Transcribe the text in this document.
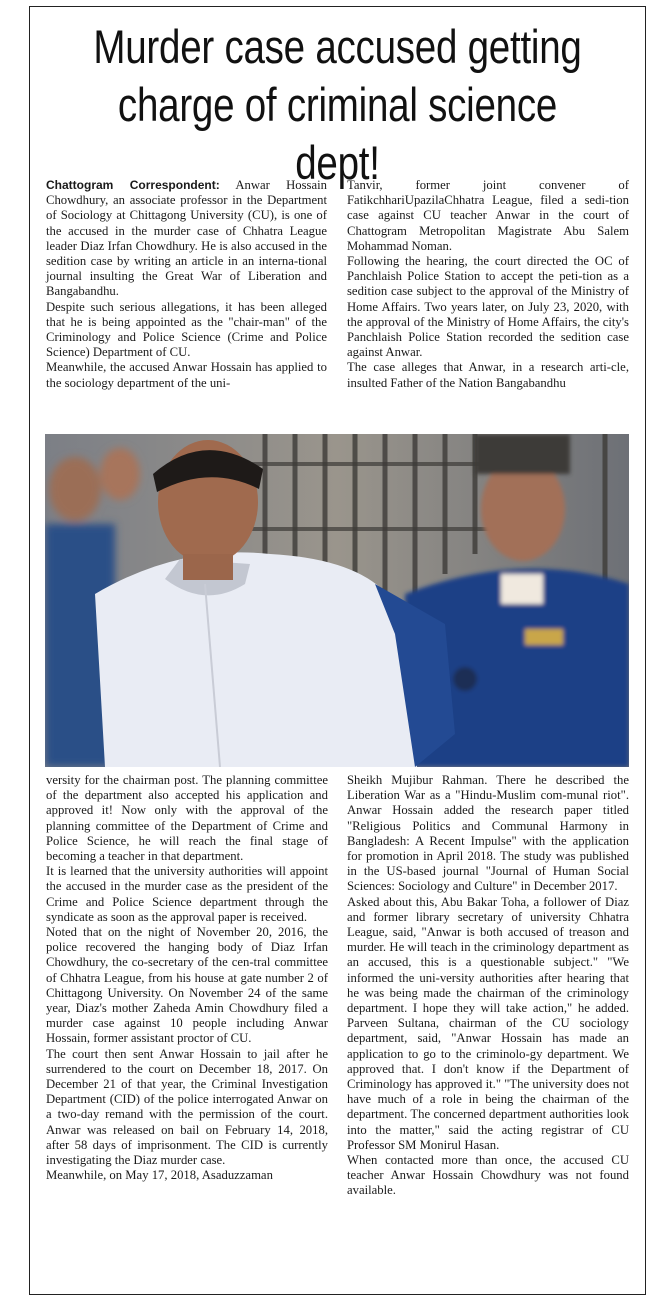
Murder case accused getting charge of criminal science dept!

Chattogram Correspondent: Anwar Hossain Chowdhury, an associate professor in the Department of Sociology at Chittagong University (CU), is one of the accused in the murder case of Chhatra League leader Diaz Irfan Chowdhury. He is also accused in the sedition case by writing an article in an interna-tional journal insulting the Great War of Liberation and Bangabandhu.

Despite such serious allegations, it has been alleged that he is being appointed as the "chair-man" of the Criminology and Police Science (Crime and Police Science) Department of CU.

Meanwhile, the accused Anwar Hossain has applied to the sociology department of the uni-

Tanvir, former joint convener of FatikchhariUpazilaChhatra League, filed a sedi-tion case against CU teacher Anwar in the court of Chattogram Metropolitan Magistrate Abu Salem Mohammad Noman.

Following the hearing, the court directed the OC of Panchlaish Police Station to accept the peti-tion as a sedition case subject to the approval of the Ministry of Home Affairs. Two years later, on July 23, 2020, with the approval of the Ministry of Home Affairs, the city's Panchlaish Police Station recorded the sedition case against Anwar.

The case alleges that Anwar, in a research arti-cle, insulted Father of the Nation Bangabandhu

versity for the chairman post. The planning committee of the department also accepted his application and approved it! Now only with the approval of the planning committee of the Department of Crime and Police Science, he will reach the final stage of becoming a teacher in that department.

It is learned that the university authorities will appoint the accused in the murder case as the president of the Crime and Police Science department through the syndicate as soon as the approval paper is received.

Noted that on the night of November 20, 2016, the police recovered the hanging body of Diaz Irfan Chowdhury, the co-secretary of the cen-tral committee of Chhatra League, from his house at gate number 2 of Chittagong University. On November 24 of the same year, Diaz's mother Zaheda Amin Chowdhury filed a murder case against 10 people including Anwar Hossain, former assistant proctor of CU.

The court then sent Anwar Hossain to jail after he surrendered to the court on December 18, 2017. On December 21 of that year, the Criminal Investigation Department (CID) of the police interrogated Anwar on a two-day remand with the permission of the court. Anwar was released on bail on February 14, 2018, after 58 days of imprisonment. The CID is currently investigating the Diaz murder case.

Meanwhile, on May 17, 2018, Asaduzzaman

Sheikh Mujibur Rahman. There he described the Liberation War as a "Hindu-Muslim com-munal riot". Anwar Hossain added the research paper titled "Religious Politics and Communal Harmony in Bangladesh: A Recent Impulse" with the application for promotion in April 2018. The study was published in the US-based journal "Journal of Human Social Sciences: Sociology and Culture" in December 2017.

Asked about this, Abu Bakar Toha, a follower of Diaz and former library secretary of university Chhatra League, said, "Anwar is both accused of treason and murder. He will teach in the criminology department as an accused, this is a questionable subject." "We informed the uni-versity authorities after hearing that he was being made the chairman of the criminology department. I hope they will take action," he added. Parveen Sultana, chairman of the CU sociology department, said, "Anwar Hossain has made an application to go to the criminolo-gy department. We approved that. I don't know if the Department of Criminology has approved it." "The university does not have much of a role in being the chairman of the department. The concerned department authorities look into the matter," said the acting registrar of CU Professor SM Monirul Hasan.

When contacted more than once, the accused CU teacher Anwar Hossain Chowdhury was not found available.
